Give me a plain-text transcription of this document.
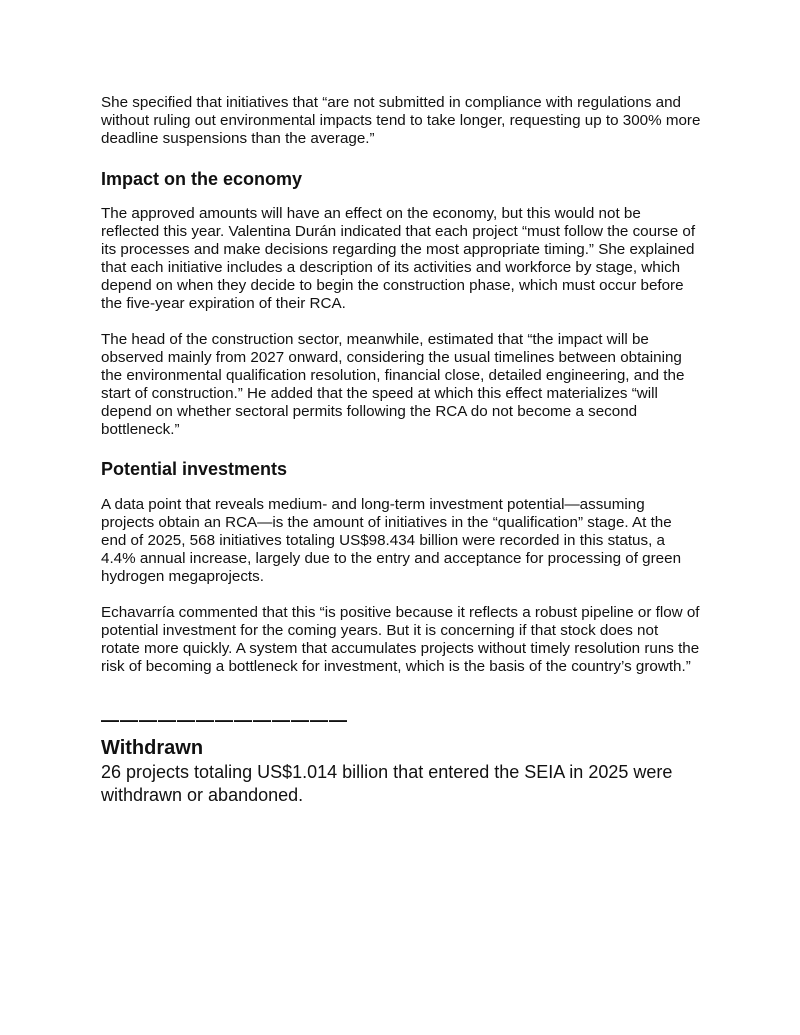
She specified that initiatives that “are not submitted in compliance with regulations and without ruling out environmental impacts tend to take longer, requesting up to 300% more deadline suspensions than the average.”

Impact on the economy

The approved amounts will have an effect on the economy, but this would not be reflected this year. Valentina Durán indicated that each project “must follow the course of its processes and make decisions regarding the most appropriate timing.” She explained that each initiative includes a description of its activities and workforce by stage, which depend on when they decide to begin the construction phase, which must occur before the five-year expiration of their RCA.

The head of the construction sector, meanwhile, estimated that “the impact will be observed mainly from 2027 onward, considering the usual timelines between obtaining the environmental qualification resolution, financial close, detailed engineering, and the start of construction.” He added that the speed at which this effect materializes “will depend on whether sectoral permits following the RCA do not become a second bottleneck.”

Potential investments

A data point that reveals medium- and long-term investment potential—assuming projects obtain an RCA—is the amount of initiatives in the “qualification” stage. At the end of 2025, 568 initiatives totaling US$98.434 billion were recorded in this status, a 4.4% annual increase, largely due to the entry and acceptance for processing of green hydrogen megaprojects.

Echavarría commented that this “is positive because it reflects a robust pipeline or flow of potential investment for the coming years. But it is concerning if that stock does not rotate more quickly. A system that accumulates projects without timely resolution runs the risk of becoming a bottleneck for investment, which is the basis of the country’s growth.”

—————————————
Withdrawn

26 projects totaling US$1.014 billion that entered the SEIA in 2025 were withdrawn or abandoned.
